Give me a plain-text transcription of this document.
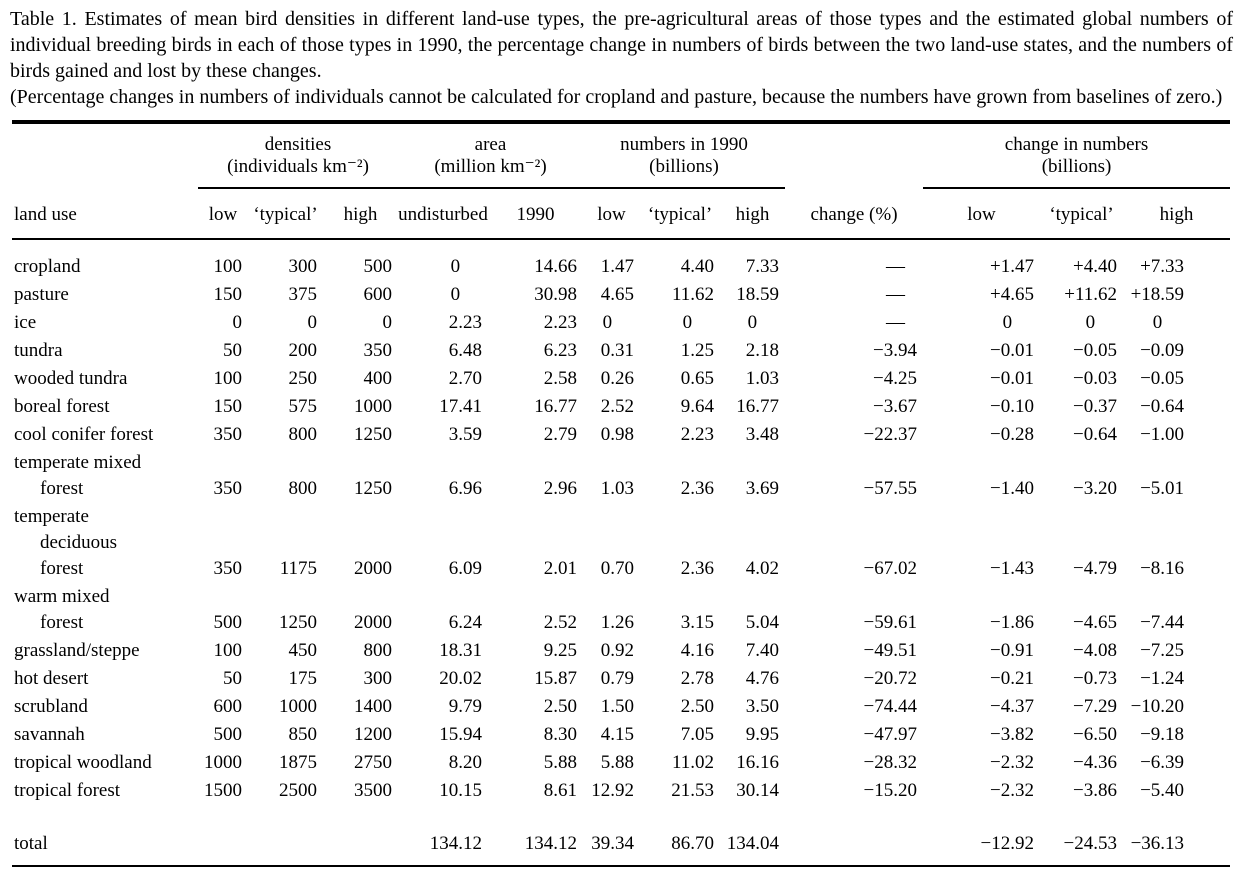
Table 1. Estimates of mean bird densities in different land-use types, the pre-agricultural areas of those types and the estimated global numbers of individual breeding birds in each of those types in 1990, the percentage change in numbers of birds between the two land-use states, and the numbers of birds gained and lost by these changes.

(Percentage changes in numbers of individuals cannot be calculated for cropland and pasture, because the numbers have grown from baselines of zero.)

densities
(individuals km⁻²)

area
(million km⁻²)

numbers in 1990
(billions)

change in numbers
(billions)

land use	low	‘typical’	high	undisturbed	1990	low	‘typical’	high	change (%)	low	‘typical’	high

cropland	100	300	500	0	14.66	1.47	4.40	7.33	—	+1.47	+4.40	+7.33

pasture	150	375	600	0	30.98	4.65	11.62	18.59	—	+4.65	+11.62	+18.59

ice	0	0	0	2.23	2.23	0	0	0	—	0	0	0

tundra	50	200	350	6.48	6.23	0.31	1.25	2.18	−3.94	−0.01	−0.05	−0.09

wooded tundra	100	250	400	2.70	2.58	0.26	0.65	1.03	−4.25	−0.01	−0.03	−0.05

boreal forest	150	575	1000	17.41	16.77	2.52	9.64	16.77	−3.67	−0.10	−0.37	−0.64

cool conifer forest	350	800	1250	3.59	2.79	0.98	2.23	3.48	−22.37	−0.28	−0.64	−1.00

temperate mixed
forest	350	800	1250	6.96	2.96	1.03	2.36	3.69	−57.55	−1.40	−3.20	−5.01

temperate
deciduous
forest	350	1175	2000	6.09	2.01	0.70	2.36	4.02	−67.02	−1.43	−4.79	−8.16

warm mixed
forest	500	1250	2000	6.24	2.52	1.26	3.15	5.04	−59.61	−1.86	−4.65	−7.44

grassland/steppe	100	450	800	18.31	9.25	0.92	4.16	7.40	−49.51	−0.91	−4.08	−7.25

hot desert	50	175	300	20.02	15.87	0.79	2.78	4.76	−20.72	−0.21	−0.73	−1.24

scrubland	600	1000	1400	9.79	2.50	1.50	2.50	3.50	−74.44	−4.37	−7.29	−10.20

savannah	500	850	1200	15.94	8.30	4.15	7.05	9.95	−47.97	−3.82	−6.50	−9.18

tropical woodland	1000	1875	2750	8.20	5.88	5.88	11.02	16.16	−28.32	−2.32	−4.36	−6.39

tropical forest	1500	2500	3500	10.15	8.61	12.92	21.53	30.14	−15.20	−2.32	−3.86	−5.40

total				134.12	134.12	39.34	86.70	134.04		−12.92	−24.53	−36.13
